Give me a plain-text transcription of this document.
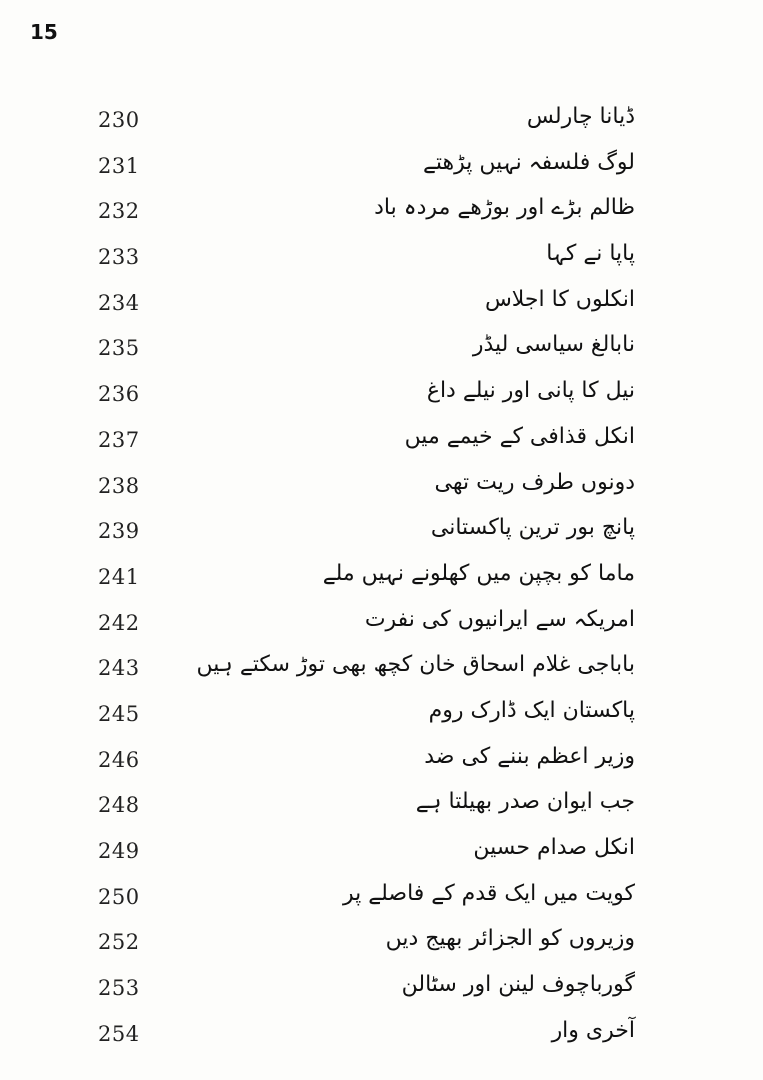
15
230	ڈیانا چارلس
231	لوگ فلسفہ نہیں پڑھتے
232	ظالم بڑے اور بوڑھے مردہ باد
233	پاپا نے کہا
234	انکلوں کا اجلاس
235	نابالغ سیاسی لیڈر
236	نیل کا پانی اور نیلے داغ
237	انکل قذافی کے خیمے میں
238	دونوں طرف ریت تھی
239	پانچ بور ترین پاکستانی
241	ماما کو بچپن میں کھلونے نہیں ملے
242	امریکہ سے ایرانیوں کی نفرت
243	باباجی غلام اسحاق خان کچھ بھی توڑ سکتے ہیں
245	پاکستان ایک ڈارک روم
246	وزیر اعظم بننے کی ضد
248	جب ایوان صدر بھیلتا ہے
249	انکل صدام حسین
250	کویت میں ایک قدم کے فاصلے پر
252	وزیروں کو الجزائر بھیج دیں
253	گورباچوف لینن اور سٹالن
254	آخری وار
